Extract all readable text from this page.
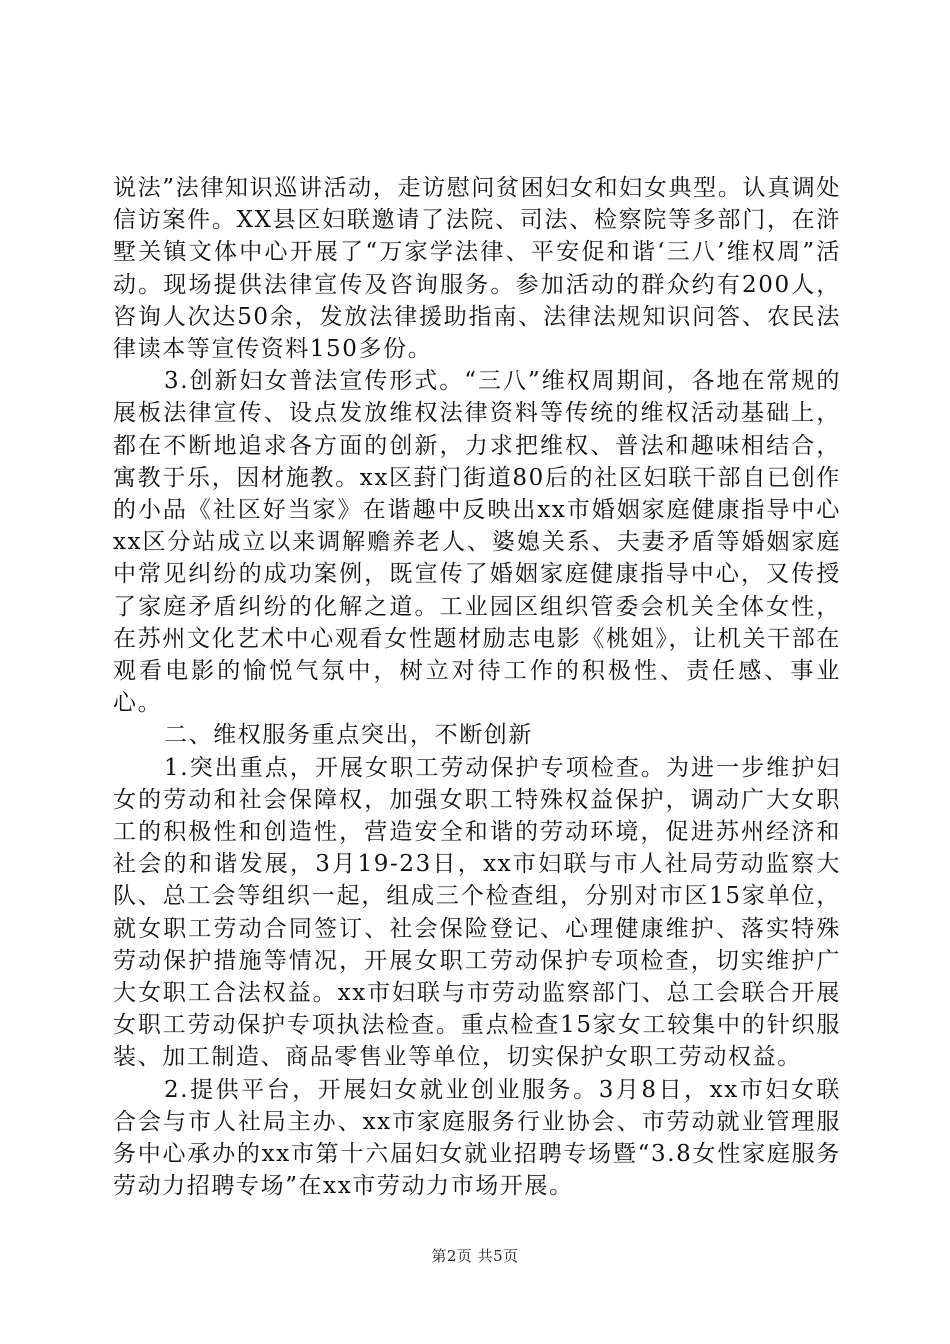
说法”法律知识巡讲活动，走访慰问贫困妇女和妇女典型。认真调处信访案件。XX县区妇联邀请了法院、司法、检察院等多部门，在浒墅关镇文体中心开展了“万家学法律、平安促和谐‘三八’维权周”活动。现场提供法律宣传及咨询服务。参加活动的群众约有200人，咨询人次达50余，发放法律援助指南、法律法规知识问答、农民法律读本等宣传资料150多份。

3.创新妇女普法宣传形式。“三八”维权周期间，各地在常规的展板法律宣传、设点发放维权法律资料等传统的维权活动基础上，都在不断地追求各方面的创新，力求把维权、普法和趣味相结合，寓教于乐，因材施教。xx区葑门街道80后的社区妇联干部自已创作的小品《社区好当家》在谐趣中反映出xx市婚姻家庭健康指导中心xx区分站成立以来调解赡养老人、婆媳关系、夫妻矛盾等婚姻家庭中常见纠纷的成功案例，既宣传了婚姻家庭健康指导中心，又传授了家庭矛盾纠纷的化解之道。工业园区组织管委会机关全体女性，在苏州文化艺术中心观看女性题材励志电影《桃姐》，让机关干部在观看电影的愉悦气氛中，树立对待工作的积极性、责任感、事业心。

二、维权服务重点突出，不断创新

1.突出重点，开展女职工劳动保护专项检查。为进一步维护妇女的劳动和社会保障权，加强女职工特殊权益保护，调动广大女职工的积极性和创造性，营造安全和谐的劳动环境，促进苏州经济和社会的和谐发展，3月19-23日，xx市妇联与市人社局劳动监察大队、总工会等组织一起，组成三个检查组，分别对市区15家单位，就女职工劳动合同签订、社会保险登记、心理健康维护、落实特殊劳动保护措施等情况，开展女职工劳动保护专项检查，切实维护广大女职工合法权益。xx市妇联与市劳动监察部门、总工会联合开展女职工劳动保护专项执法检查。重点检查15家女工较集中的针织服装、加工制造、商品零售业等单位，切实保护女职工劳动权益。

2.提供平台，开展妇女就业创业服务。3月8日，xx市妇女联合会与市人社局主办、xx市家庭服务行业协会、市劳动就业管理服务中心承办的xx市第十六届妇女就业招聘专场暨“3.8女性家庭服务劳动力招聘专场”在xx市劳动力市场开展。

第2页 共5页
